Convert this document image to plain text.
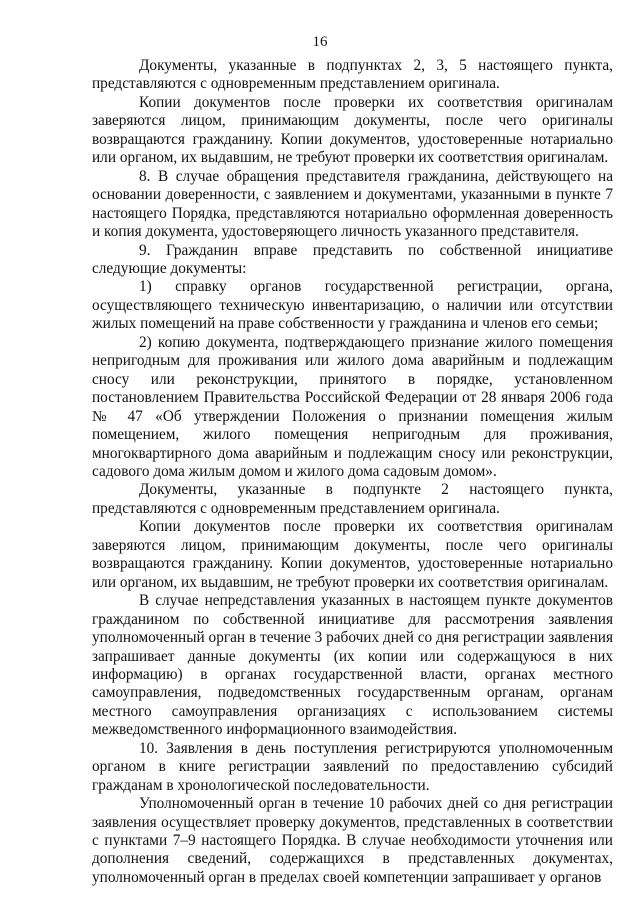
16

Документы, указанные в подпунктах 2, 3, 5 настоящего пункта, представляются с одновременным представлением оригинала.

Копии документов после проверки их соответствия оригиналам заверяются лицом, принимающим документы, после чего оригиналы возвращаются гражданину. Копии документов, удостоверенные нотариально или органом, их выдавшим, не требуют проверки их соответствия оригиналам.

8. В случае обращения представителя гражданина, действующего на основании доверенности, с заявлением и документами, указанными в пункте 7 настоящего Порядка, представляются нотариально оформленная доверенность и копия документа, удостоверяющего личность указанного представителя.

9. Гражданин вправе представить по собственной инициативе следующие документы:

1) справку органов государственной регистрации, органа, осуществляющего техническую инвентаризацию, о наличии или отсутствии жилых помещений на праве собственности у гражданина и членов его семьи;

2) копию документа, подтверждающего признание жилого помещения непригодным для проживания или жилого дома аварийным и подлежащим сносу или реконструкции, принятого в порядке, установленном постановлением Правительства Российской Федерации от 28 января 2006 года № 47 «Об утверждении Положения о признании помещения жилым помещением, жилого помещения непригодным для проживания, многоквартирного дома аварийным и подлежащим сносу или реконструкции, садового дома жилым домом и жилого дома садовым домом».

Документы, указанные в подпункте 2 настоящего пункта, представляются с одновременным представлением оригинала.

Копии документов после проверки их соответствия оригиналам заверяются лицом, принимающим документы, после чего оригиналы возвращаются гражданину. Копии документов, удостоверенные нотариально или органом, их выдавшим, не требуют проверки их соответствия оригиналам.

В случае непредставления указанных в настоящем пункте документов гражданином по собственной инициативе для рассмотрения заявления уполномоченный орган в течение 3 рабочих дней со дня регистрации заявления запрашивает данные документы (их копии или содержащуюся в них информацию) в органах государственной власти, органах местного самоуправления, подведомственных государственным органам, органам местного самоуправления организациях с использованием системы межведомственного информационного взаимодействия.

10. Заявления в день поступления регистрируются уполномоченным органом в книге регистрации заявлений по предоставлению субсидий гражданам в хронологической последовательности.

Уполномоченный орган в течение 10 рабочих дней со дня регистрации заявления осуществляет проверку документов, представленных в соответствии с пунктами 7–9 настоящего Порядка. В случае необходимости уточнения или дополнения сведений, содержащихся в представленных документах, уполномоченный орган в пределах своей компетенции запрашивает у органов
